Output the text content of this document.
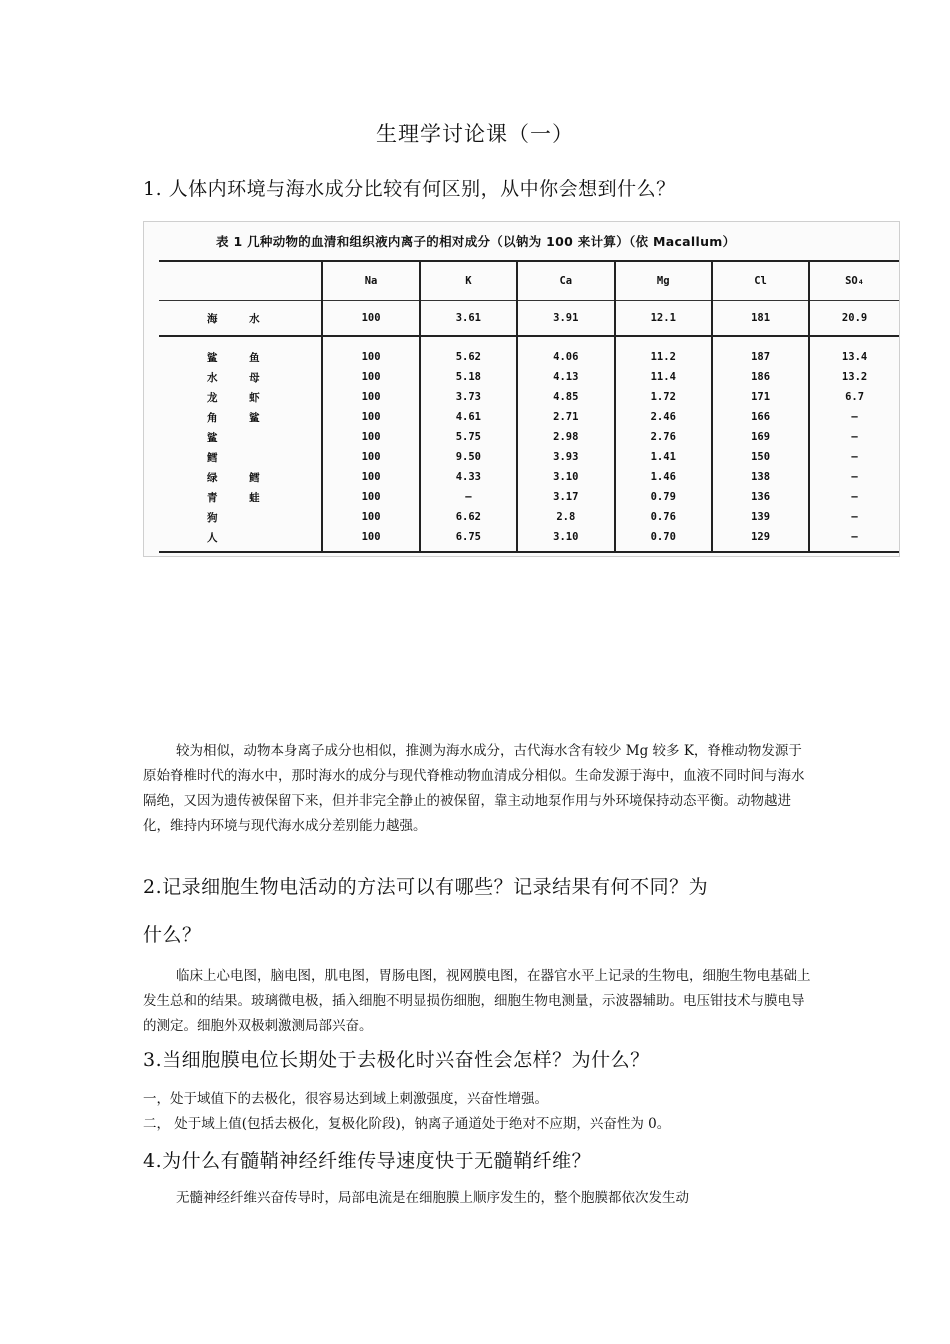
生理学讨论课（一）
1. 人体内环境与海水成分比较有何区别，从中你会想到什么？
表 1 几种动物的血清和组织液内离子的相对成分（以钠为 100 来计算）（依 Macallum）
	Na	K	Ca	Mg	Cl	SO₄
海 水	100	3.61	3.91	12.1	181	20.9
鲨 鱼	100	5.62	4.06	11.2	187	13.4
水 母	100	5.18	4.13	11.4	186	13.2
龙 虾	100	3.73	4.85	1.72	171	6.7
角 鲨	100	4.61	2.71	2.46	166	—
鲨	100	5.75	2.98	2.76	169	—
鳕	100	9.50	3.93	1.41	150	—
绿 鳕	100	4.33	3.10	1.46	138	—
青 蛙	100	—	3.17	0.79	136	—
狗	100	6.62	2.8	0.76	139	—
人	100	6.75	3.10	0.70	129	—
较为相似，动物本身离子成分也相似，推测为海水成分，古代海水含有较少 Mg 较多 K，脊椎动物发源于原始脊椎时代的海水中，那时海水的成分与现代脊椎动物血清成分相似。生命发源于海中，血液不同时间与海水隔绝，又因为遗传被保留下来，但并非完全静止的被保留，靠主动地泵作用与外环境保持动态平衡。动物越进化，维持内环境与现代海水成分差别能力越强。
2.记录细胞生物电活动的方法可以有哪些？记录结果有何不同？为
什么？
临床上心电图，脑电图，肌电图，胃肠电图，视网膜电图，在器官水平上记录的生物电，细胞生物电基础上发生总和的结果。玻璃微电极，插入细胞不明显损伤细胞，细胞生物电测量，示波器辅助。电压钳技术与膜电导的测定。细胞外双极刺激测局部兴奋。
3.当细胞膜电位长期处于去极化时兴奋性会怎样？为什么？
一，处于域值下的去极化，很容易达到域上刺激强度，兴奋性增强。
二， 处于域上值(包括去极化，复极化阶段)，钠离子通道处于绝对不应期，兴奋性为 0。
4.为什么有髓鞘神经纤维传导速度快于无髓鞘纤维？
无髓神经纤维兴奋传导时，局部电流是在细胞膜上顺序发生的，整个胞膜都依次发生动
